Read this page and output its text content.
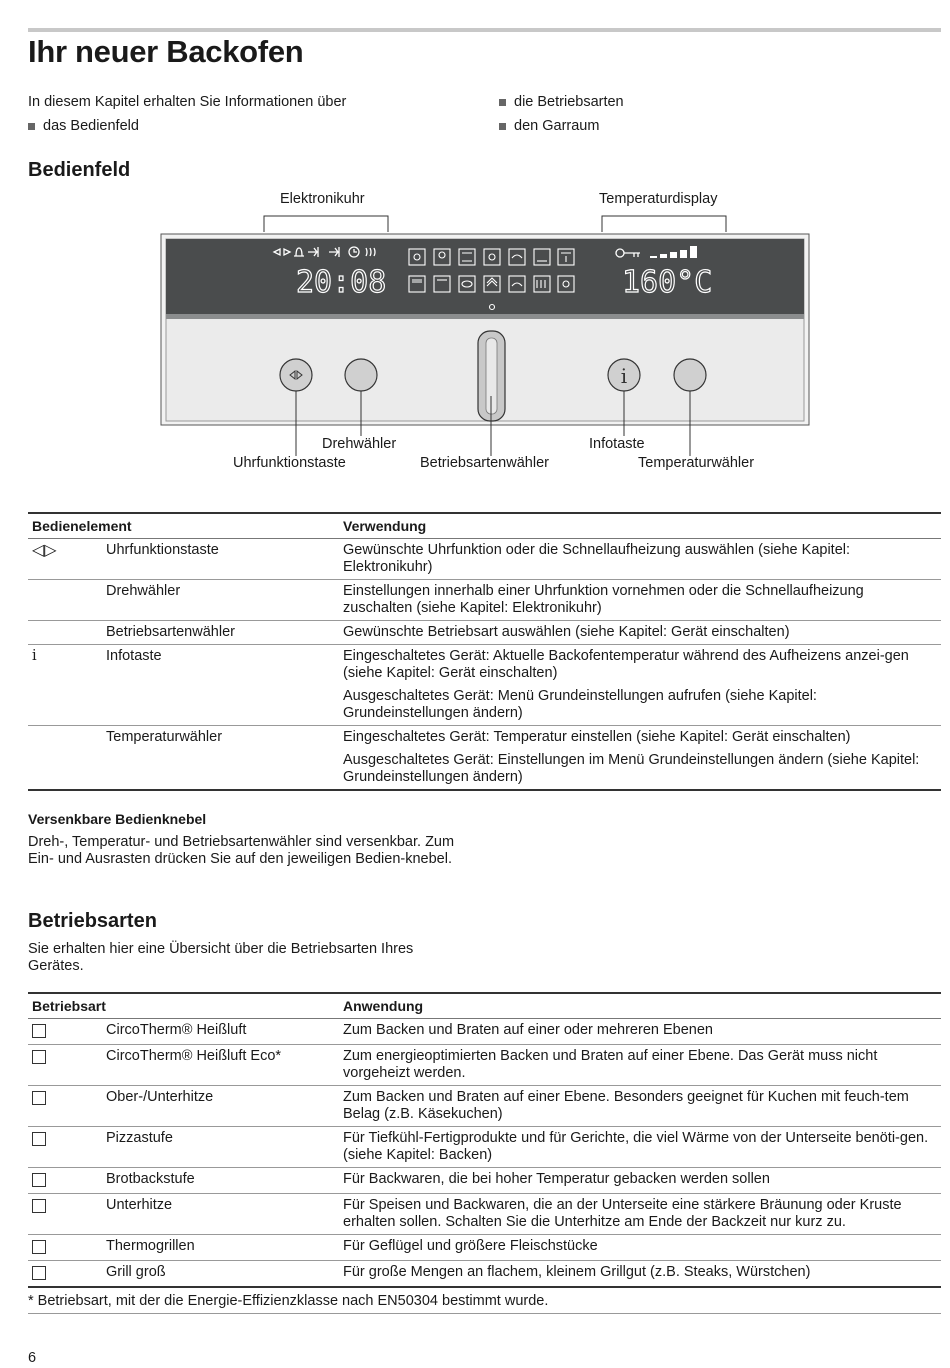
Ihr neuer Backofen
In diesem Kapitel erhalten Sie Informationen über
das Bedienfeld
die Betriebsarten
den Garraum
Bedienfeld
Elektronikuhr	Temperaturdisplay
20:08	160°C
i
Drehwähler	Infotaste
Uhrfunktionstaste	Betriebsartenwähler	Temperaturwähler
Bedienelement		Verwendung
◁▷	Uhrfunktionstaste	Gewünschte Uhrfunktion oder die Schnellaufheizung auswählen (siehe Kapitel: Elektronikuhr)
	Drehwähler	Einstellungen innerhalb einer Uhrfunktion vornehmen oder die Schnellaufheizung zuschalten (siehe Kapitel: Elektronikuhr)
	Betriebsartenwähler	Gewünschte Betriebsart auswählen (siehe Kapitel: Gerät einschalten)
i	Infotaste	Eingeschaltetes Gerät: Aktuelle Backofentemperatur während des Aufheizens anzei-gen (siehe Kapitel: Gerät einschalten)
		Ausgeschaltetes Gerät: Menü Grundeinstellungen aufrufen (siehe Kapitel: Grundeinstellungen ändern)
	Temperaturwähler	Eingeschaltetes Gerät: Temperatur einstellen (siehe Kapitel: Gerät einschalten)
		Ausgeschaltetes Gerät: Einstellungen im Menü Grundeinstellungen ändern (siehe Kapitel: Grundeinstellungen ändern)
Versenkbare Bedienknebel
Dreh-, Temperatur- und Betriebsartenwähler sind versenkbar. Zum Ein- und Ausrasten drücken Sie auf den jeweiligen Bedien-knebel.
Betriebsarten
Sie erhalten hier eine Übersicht über die Betriebsarten Ihres Gerätes.
Betriebsart		Anwendung
	CircoTherm® Heißluft	Zum Backen und Braten auf einer oder mehreren Ebenen
	CircoTherm® Heißluft Eco*	Zum energieoptimierten Backen und Braten auf einer Ebene. Das Gerät muss nicht vorgeheizt werden.
	Ober-/Unterhitze	Zum Backen und Braten auf einer Ebene. Besonders geeignet für Kuchen mit feuch-tem Belag (z.B. Käsekuchen)
	Pizzastufe	Für Tiefkühl-Fertigprodukte und für Gerichte, die viel Wärme von der Unterseite benöti-gen. (siehe Kapitel: Backen)
	Brotbackstufe	Für Backwaren, die bei hoher Temperatur gebacken werden sollen
	Unterhitze	Für Speisen und Backwaren, die an der Unterseite eine stärkere Bräunung oder Kruste erhalten sollen. Schalten Sie die Unterhitze am Ende der Backzeit nur kurz zu.
	Thermogrillen	Für Geflügel und größere Fleischstücke
	Grill groß	Für große Mengen an flachem, kleinem Grillgut (z.B. Steaks, Würstchen)
* Betriebsart, mit der die Energie-Effizienzklasse nach EN50304 bestimmt wurde.
6
